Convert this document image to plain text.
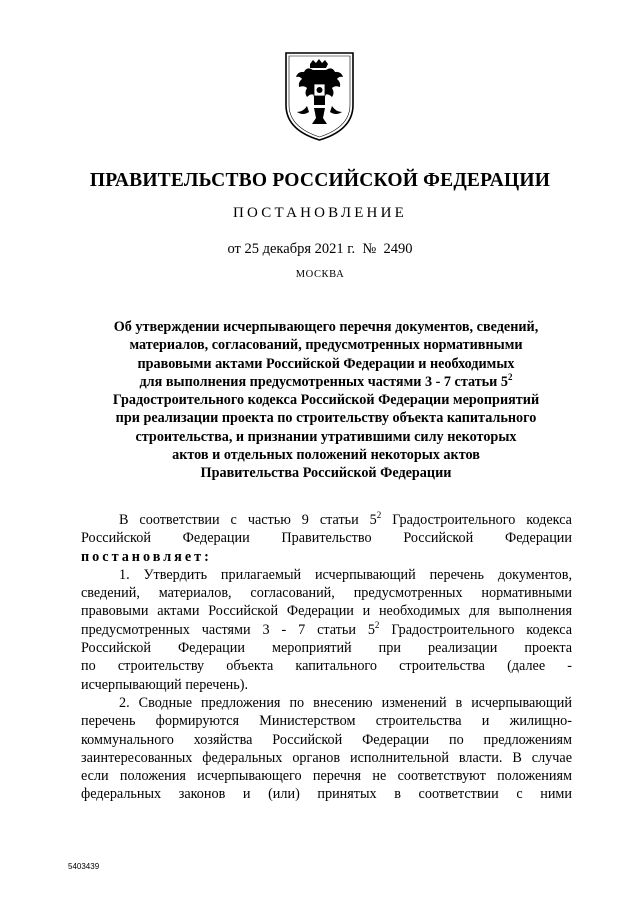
ПРАВИТЕЛЬСТВО РОССИЙСКОЙ ФЕДЕРАЦИИ
ПОСТАНОВЛЕНИЕ
от 25 декабря 2021 г.  №  2490
МОСКВА
Об утверждении исчерпывающего перечня документов, сведений,
материалов, согласований, предусмотренных нормативными
правовыми актами Российской Федерации и необходимых
для выполнения предусмотренных частями 3 - 7 статьи $5^2$
Градостроительного кодекса Российской Федерации мероприятий
при реализации проекта по строительству объекта капитального
строительства, и признании утратившими силу некоторых
актов и отдельных положений некоторых актов
Правительства Российской Федерации
В соответствии с частью 9 статьи $5^2$ Градостроительного кодекса
Российской Федерации Правительство Российской Федерации
постановляет:
1. Утвердить прилагаемый исчерпывающий перечень документов,
сведений, материалов, согласований, предусмотренных нормативными
правовыми актами Российской Федерации и необходимых для выполнения
предусмотренных частями 3 - 7 статьи $5^2$ Градостроительного кодекса
Российской Федерации мероприятий при реализации проекта
по строительству объекта капитального строительства (далее -
исчерпывающий перечень).
2. Сводные предложения по внесению изменений в исчерпывающий
перечень формируются Министерством строительства и жилищно-
коммунального хозяйства Российской Федерации по предложениям
заинтересованных федеральных органов исполнительной власти. В случае
если положения исчерпывающего перечня не соответствуют положениям
федеральных законов и (или) принятых в соответствии с ними
5403439
